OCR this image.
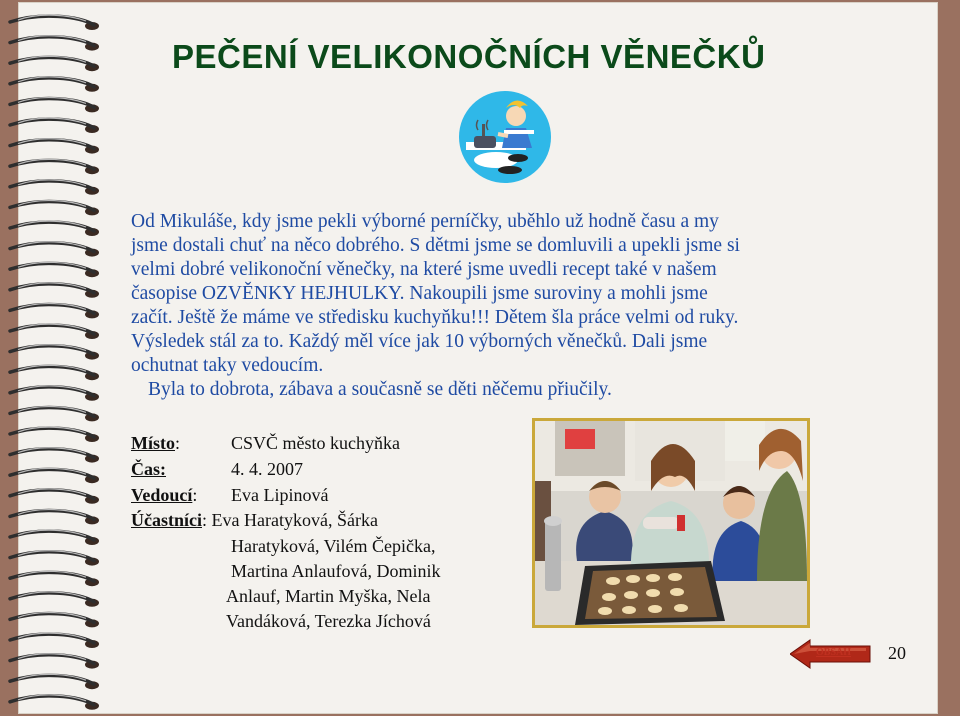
PEČENÍ VELIKONOČNÍCH VĚNEČKŮ
Od Mikuláše, kdy jsme pekli výborné perníčky, uběhlo už hodně času a my
jsme dostali chuť na něco dobrého. S dětmi jsme se domluvili a upekli jsme si
velmi dobré velikonoční věnečky, na které jsme uvedli recept také v našem
časopise OZVĚNKY HEJHULKY. Nakoupili jsme suroviny a mohli jsme
začít. Ještě že máme ve středisku kuchyňku!!! Dětem šla práce velmi od ruky.
Výsledek stál za to. Každý měl více jak 10 výborných věnečků. Dali jsme
ochutnat taky vedoucím.
Byla to dobrota, zábava a současně se děti něčemu přiučily.
Místo:	CSVČ město kuchyňka
Čas:	4. 4. 2007
Vedoucí: Eva Lipinová
Účastníci: Eva Haratyková, Šárka
Haratyková, Vilém Čepička,
Martina Anlaufová, Dominik
Anlauf, Martin Myška, Nela
Vandáková, Terezka Jíchová
OBSAH 20
